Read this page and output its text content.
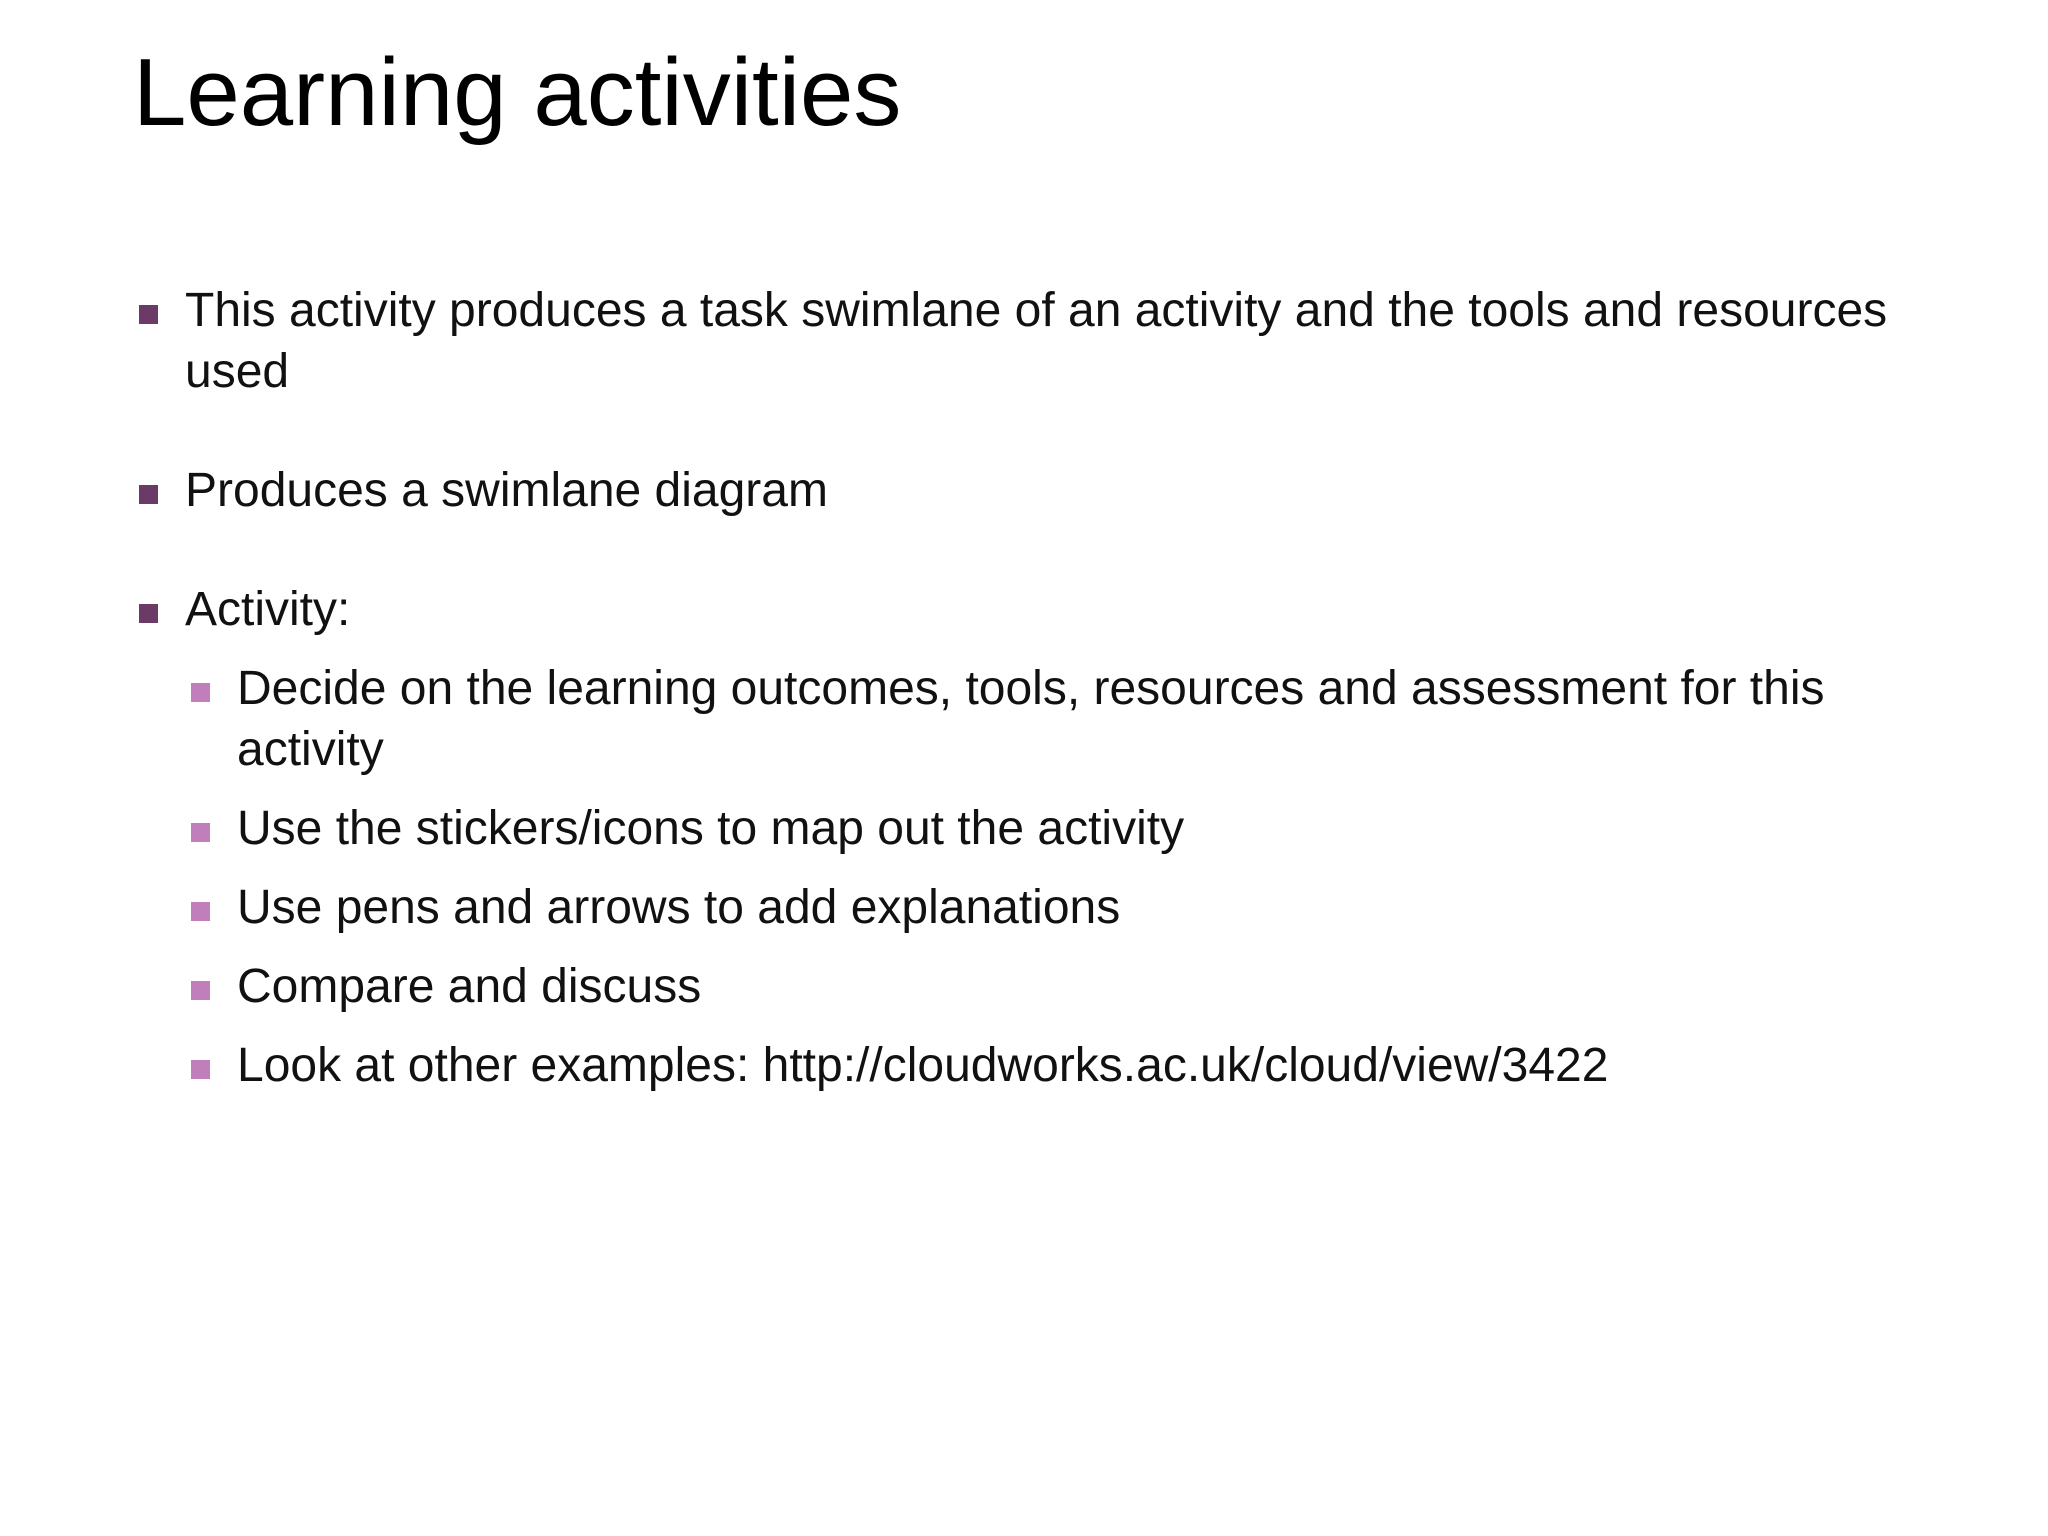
Learning activities
This activity produces a task swimlane of an activity and the tools and resources used
Produces a swimlane diagram
Activity:
Decide on the learning outcomes, tools, resources and assessment for this activity
Use the stickers/icons to map out the activity
Use pens and arrows to add explanations
Compare and discuss
Look at other examples: http://cloudworks.ac.uk/cloud/view/3422
